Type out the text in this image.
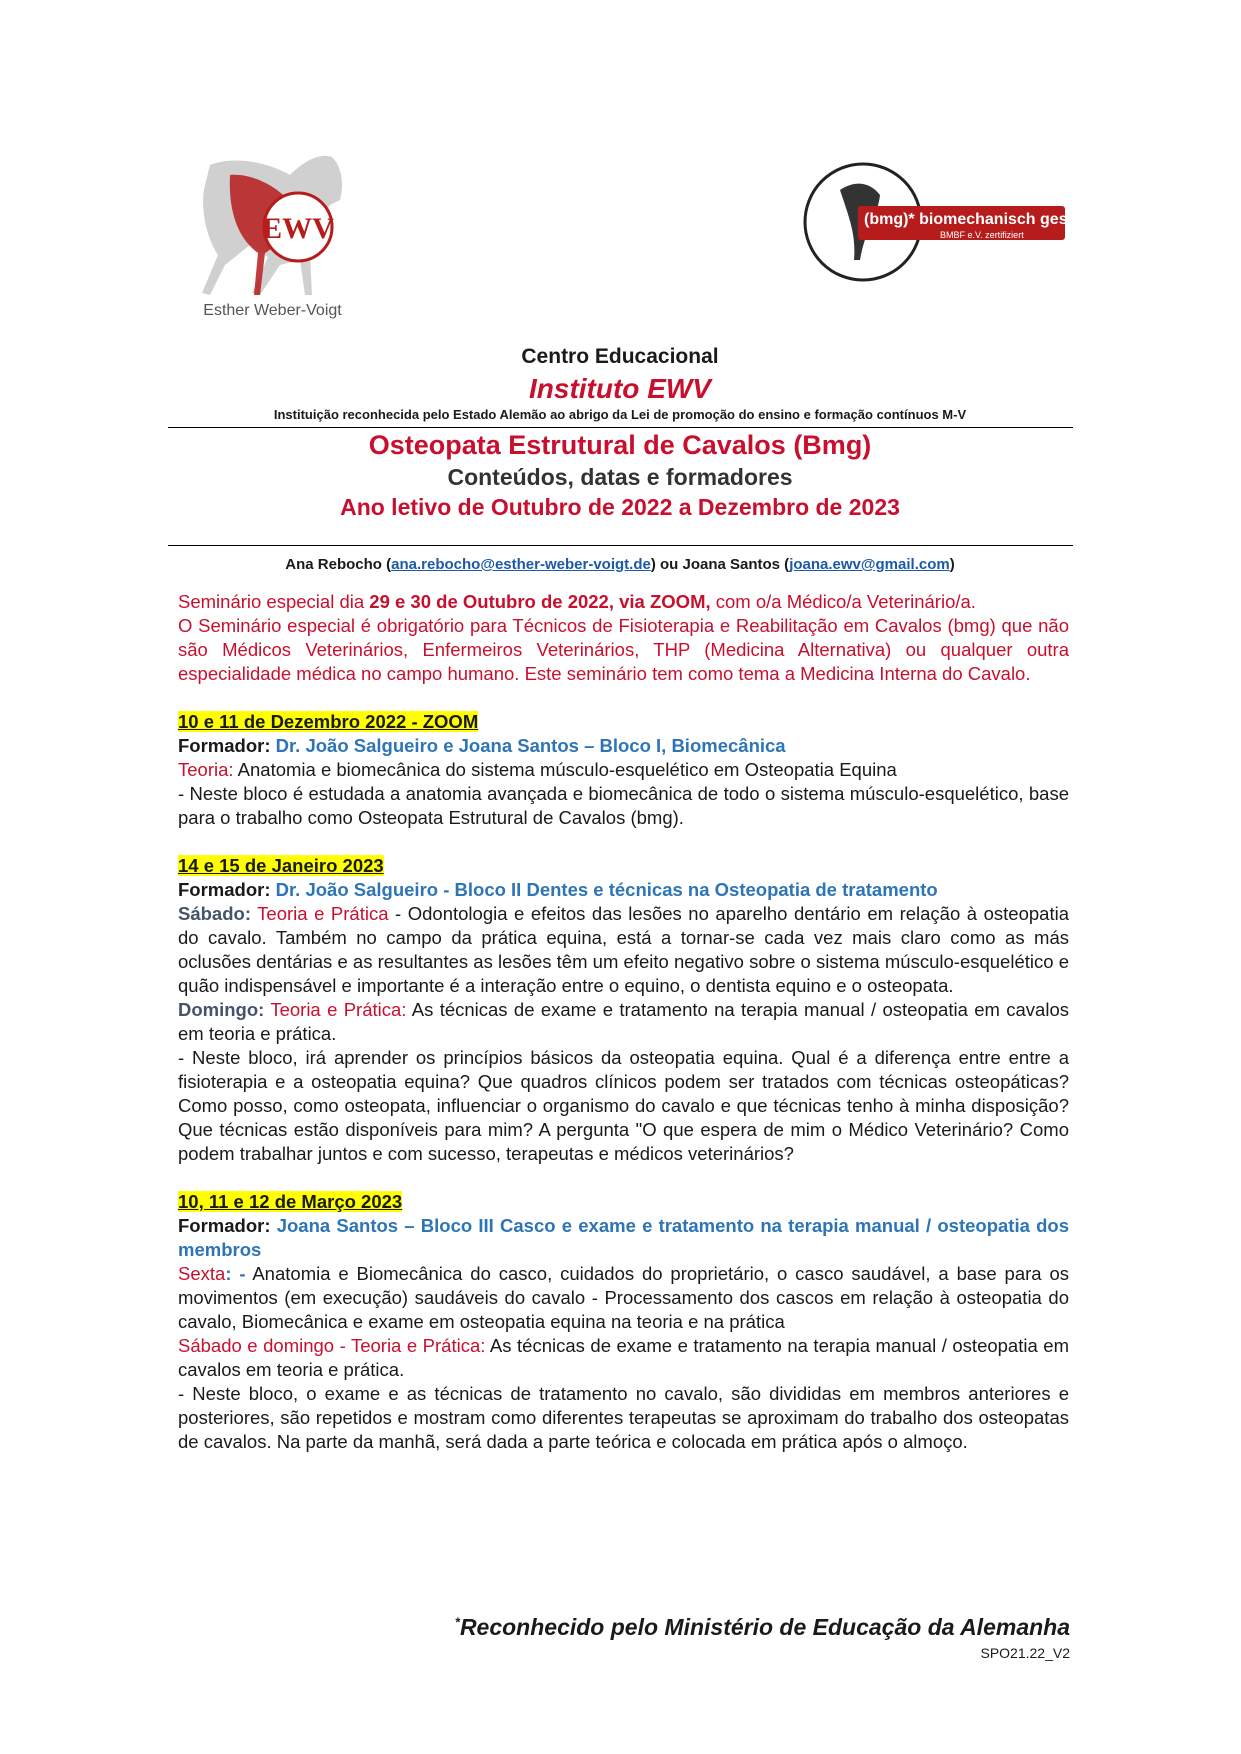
EWV
Esther Weber-Voigt
(bmg)* biomechanisch geschult
BMBF e.V. zertifiziert
Centro Educacional
Instituto EWV
Instituição reconhecida pelo Estado Alemão ao abrigo da Lei de promoção do ensino e formação contínuos M-V
Osteopata Estrutural de Cavalos (Bmg)
Conteúdos, datas e formadores
Ano letivo de Outubro de 2022 a Dezembro de 2023
Ana Rebocho (ana.rebocho@esther-weber-voigt.de) ou Joana Santos (joana.ewv@gmail.com)

Seminário especial dia 29 e 30 de Outubro de 2022, via ZOOM, com o/a Médico/a Veterinário/a.

O Seminário especial é obrigatório para Técnicos de Fisioterapia e Reabilitação em Cavalos (bmg) que não são Médicos Veterinários, Enfermeiros Veterinários, THP (Medicina Alternativa) ou qualquer outra especialidade médica no campo humano. Este seminário tem como tema a Medicina Interna do Cavalo.

10 e 11 de Dezembro 2022 - ZOOM

Formador: Dr. João Salgueiro e Joana Santos – Bloco I, Biomecânica

Teoria: Anatomia e biomecânica do sistema músculo-esquelético em Osteopatia Equina

- Neste bloco é estudada a anatomia avançada e biomecânica de todo o sistema músculo-esquelético, base para o trabalho como Osteopata Estrutural de Cavalos (bmg).

14 e 15 de Janeiro 2023

Formador: Dr. João Salgueiro - Bloco II Dentes e técnicas na Osteopatia de tratamento

Sábado: Teoria e Prática - Odontologia e efeitos das lesões no aparelho dentário em relação à osteopatia do cavalo. Também no campo da prática equina, está a tornar-se cada vez mais claro como as más oclusões dentárias e as resultantes as lesões têm um efeito negativo sobre o sistema músculo-esquelético e quão indispensável e importante é a interação entre o equino, o dentista equino e o osteopata.

Domingo: Teoria e Prática: As técnicas de exame e tratamento na terapia manual / osteopatia em cavalos em teoria e prática.

- Neste bloco, irá aprender os princípios básicos da osteopatia equina. Qual é a diferença entre entre a fisioterapia e a osteopatia equina? Que quadros clínicos podem ser tratados com técnicas osteopáticas? Como posso, como osteopata, influenciar o organismo do cavalo e que técnicas tenho à minha disposição? Que técnicas estão disponíveis para mim? A pergunta "O que espera de mim o Médico Veterinário? Como podem trabalhar juntos e com sucesso, terapeutas e médicos veterinários?

10, 11 e 12 de Março 2023

Formador: Joana Santos – Bloco III Casco e exame e tratamento na terapia manual / osteopatia dos membros

Sexta: - Anatomia e Biomecânica do casco, cuidados do proprietário, o casco saudável, a base para os movimentos (em execução) saudáveis do cavalo - Processamento dos cascos em relação à osteopatia do cavalo, Biomecânica e exame em osteopatia equina na teoria e na prática

Sábado e domingo - Teoria e Prática: As técnicas de exame e tratamento na terapia manual / osteopatia em cavalos em teoria e prática.

- Neste bloco, o exame e as técnicas de tratamento no cavalo, são divididas em membros anteriores e posteriores, são repetidos e mostram como diferentes terapeutas se aproximam do trabalho dos osteopatas de cavalos. Na parte da manhã, será dada a parte teórica e colocada em prática após o almoço.

*Reconhecido pelo Ministério de Educação da Alemanha
SPO21.22_V2
